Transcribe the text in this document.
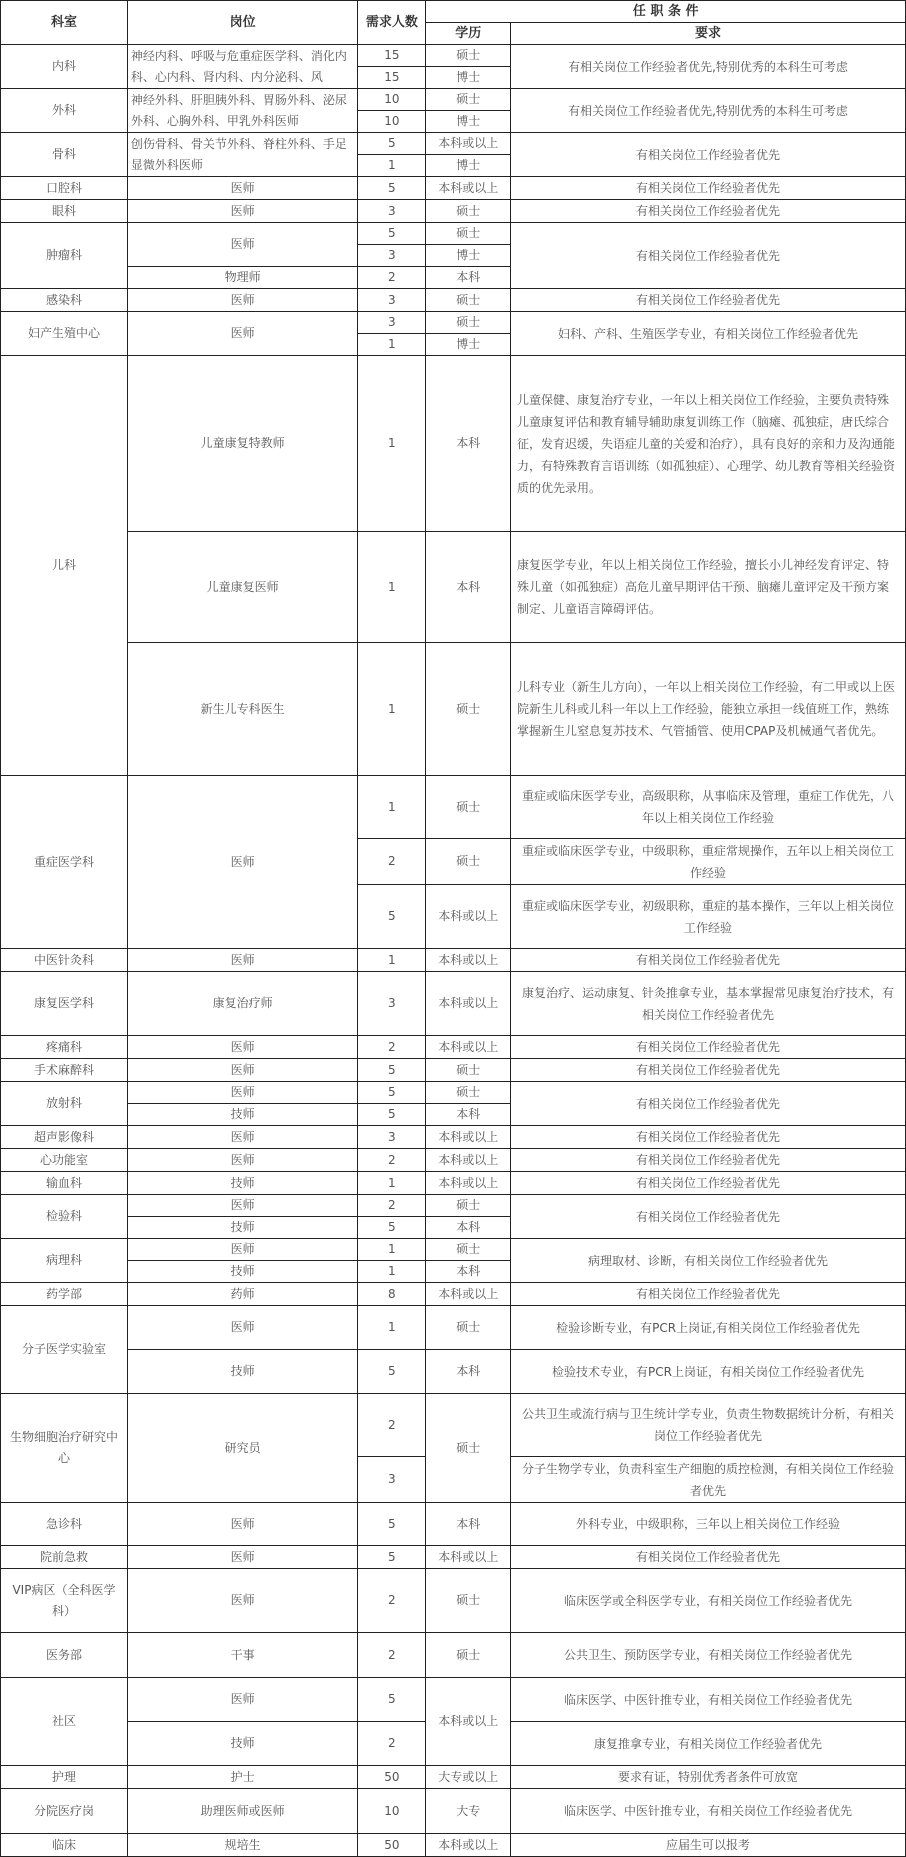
科室	岗位	需求人数	任 职 条 件	
			学历	要求
内科	神经内科、呼吸与危重症医学科、消化内科、心内科、肾内科、内分泌科、风	15	硕士	有相关岗位工作经验者优先,特别优秀的本科生可考虑
		15	博士	
外科	神经外科、肝胆胰外科、胃肠外科、泌尿外科、心胸外科、甲乳外科医师	10	硕士	有相关岗位工作经验者优先,特别优秀的本科生可考虑
		10	博士	
骨科	创伤骨科、骨关节外科、脊柱外科、手足显微外科医师	5	本科或以上	有相关岗位工作经验者优先
		1	博士	
口腔科	医师	5	本科或以上	有相关岗位工作经验者优先
眼科	医师	3	硕士	有相关岗位工作经验者优先
肿瘤科	医师	5	硕士	有相关岗位工作经验者优先
		3	博士	
	物理师	2	本科	
感染科	医师	3	硕士	有相关岗位工作经验者优先
妇产生殖中心	医师	3	硕士	妇科、产科、生殖医学专业，有相关岗位工作经验者优先
		1	博士	
儿科	儿童康复特教师	1	本科	儿童保健、康复治疗专业，一年以上相关岗位工作经验，主要负责特殊儿童康复评估和教育辅导辅助康复训练工作（脑瘫、孤独症，唐氏综合征，发育迟缓，失语症儿童的关爱和治疗），具有良好的亲和力及沟通能力，有特殊教育言语训练（如孤独症）、心理学、幼儿教育等相关经验资质的优先录用。
	儿童康复医师	1	本科	康复医学专业，年以上相关岗位工作经验，擅长小儿神经发育评定、特殊儿童（如孤独症）高危儿童早期评估干预、脑瘫儿童评定及干预方案制定、儿童语言障碍评估。
	新生儿专科医生	1	硕士	儿科专业（新生儿方向），一年以上相关岗位工作经验，有二甲或以上医院新生儿科或儿科一年以上工作经验，能独立承担一线值班工作，熟练掌握新生儿窒息复苏技术、气管插管、使用CPAP及机械通气者优先。
重症医学科	医师	1	硕士	重症或临床医学专业，高级职称，从事临床及管理，重症工作优先，八年以上相关岗位工作经验
		2	硕士	重症或临床医学专业，中级职称，重症常规操作，五年以上相关岗位工作经验
		5	本科或以上	重症或临床医学专业，初级职称，重症的基本操作，三年以上相关岗位工作经验
中医针灸科	医师	1	本科或以上	有相关岗位工作经验者优先
康复医学科	康复治疗师	3	本科或以上	康复治疗、运动康复、针灸推拿专业，基本掌握常见康复治疗技术，有相关岗位工作经验者优先
疼痛科	医师	2	本科或以上	有相关岗位工作经验者优先
手术麻醉科	医师	5	硕士	有相关岗位工作经验者优先
放射科	医师	5	硕士	有相关岗位工作经验者优先
	技师	5	本科	
超声影像科	医师	3	本科或以上	有相关岗位工作经验者优先
心功能室	医师	2	本科或以上	有相关岗位工作经验者优先
输血科	技师	1	本科或以上	有相关岗位工作经验者优先
检验科	医师	2	硕士	有相关岗位工作经验者优先
	技师	5	本科	
病理科	医师	1	硕士	病理取材、诊断，有相关岗位工作经验者优先
	技师	1	本科	
药学部	药师	8	本科或以上	有相关岗位工作经验者优先
分子医学实验室	医师	1	硕士	检验诊断专业，有PCR上岗证,有相关岗位工作经验者优先
	技师	5	本科	检验技术专业，有PCR上岗证，有相关岗位工作经验者优先
生物细胞治疗研究中心	研究员	2	硕士	公共卫生或流行病与卫生统计学专业，负责生物数据统计分析，有相关岗位工作经验者优先
		3		分子生物学专业，负责科室生产细胞的质控检测，有相关岗位工作经验者优先
急诊科	医师	5	本科	外科专业，中级职称，三年以上相关岗位工作经验
院前急救	医师	5	本科或以上	有相关岗位工作经验者优先
VIP病区（全科医学科）	医师	2	硕士	临床医学或全科医学专业，有相关岗位工作经验者优先
医务部	干事	2	硕士	公共卫生、预防医学专业，有相关岗位工作经验者优先
社区	医师	5	本科或以上	临床医学、中医针推专业，有相关岗位工作经验者优先
	技师	2		康复推拿专业，有相关岗位工作经验者优先
护理	护士	50	大专或以上	要求有证，特别优秀者条件可放宽
分院医疗岗	助理医师或医师	10	大专	临床医学、中医针推专业，有相关岗位工作经验者优先
临床	规培生	50	本科或以上	应届生可以报考
